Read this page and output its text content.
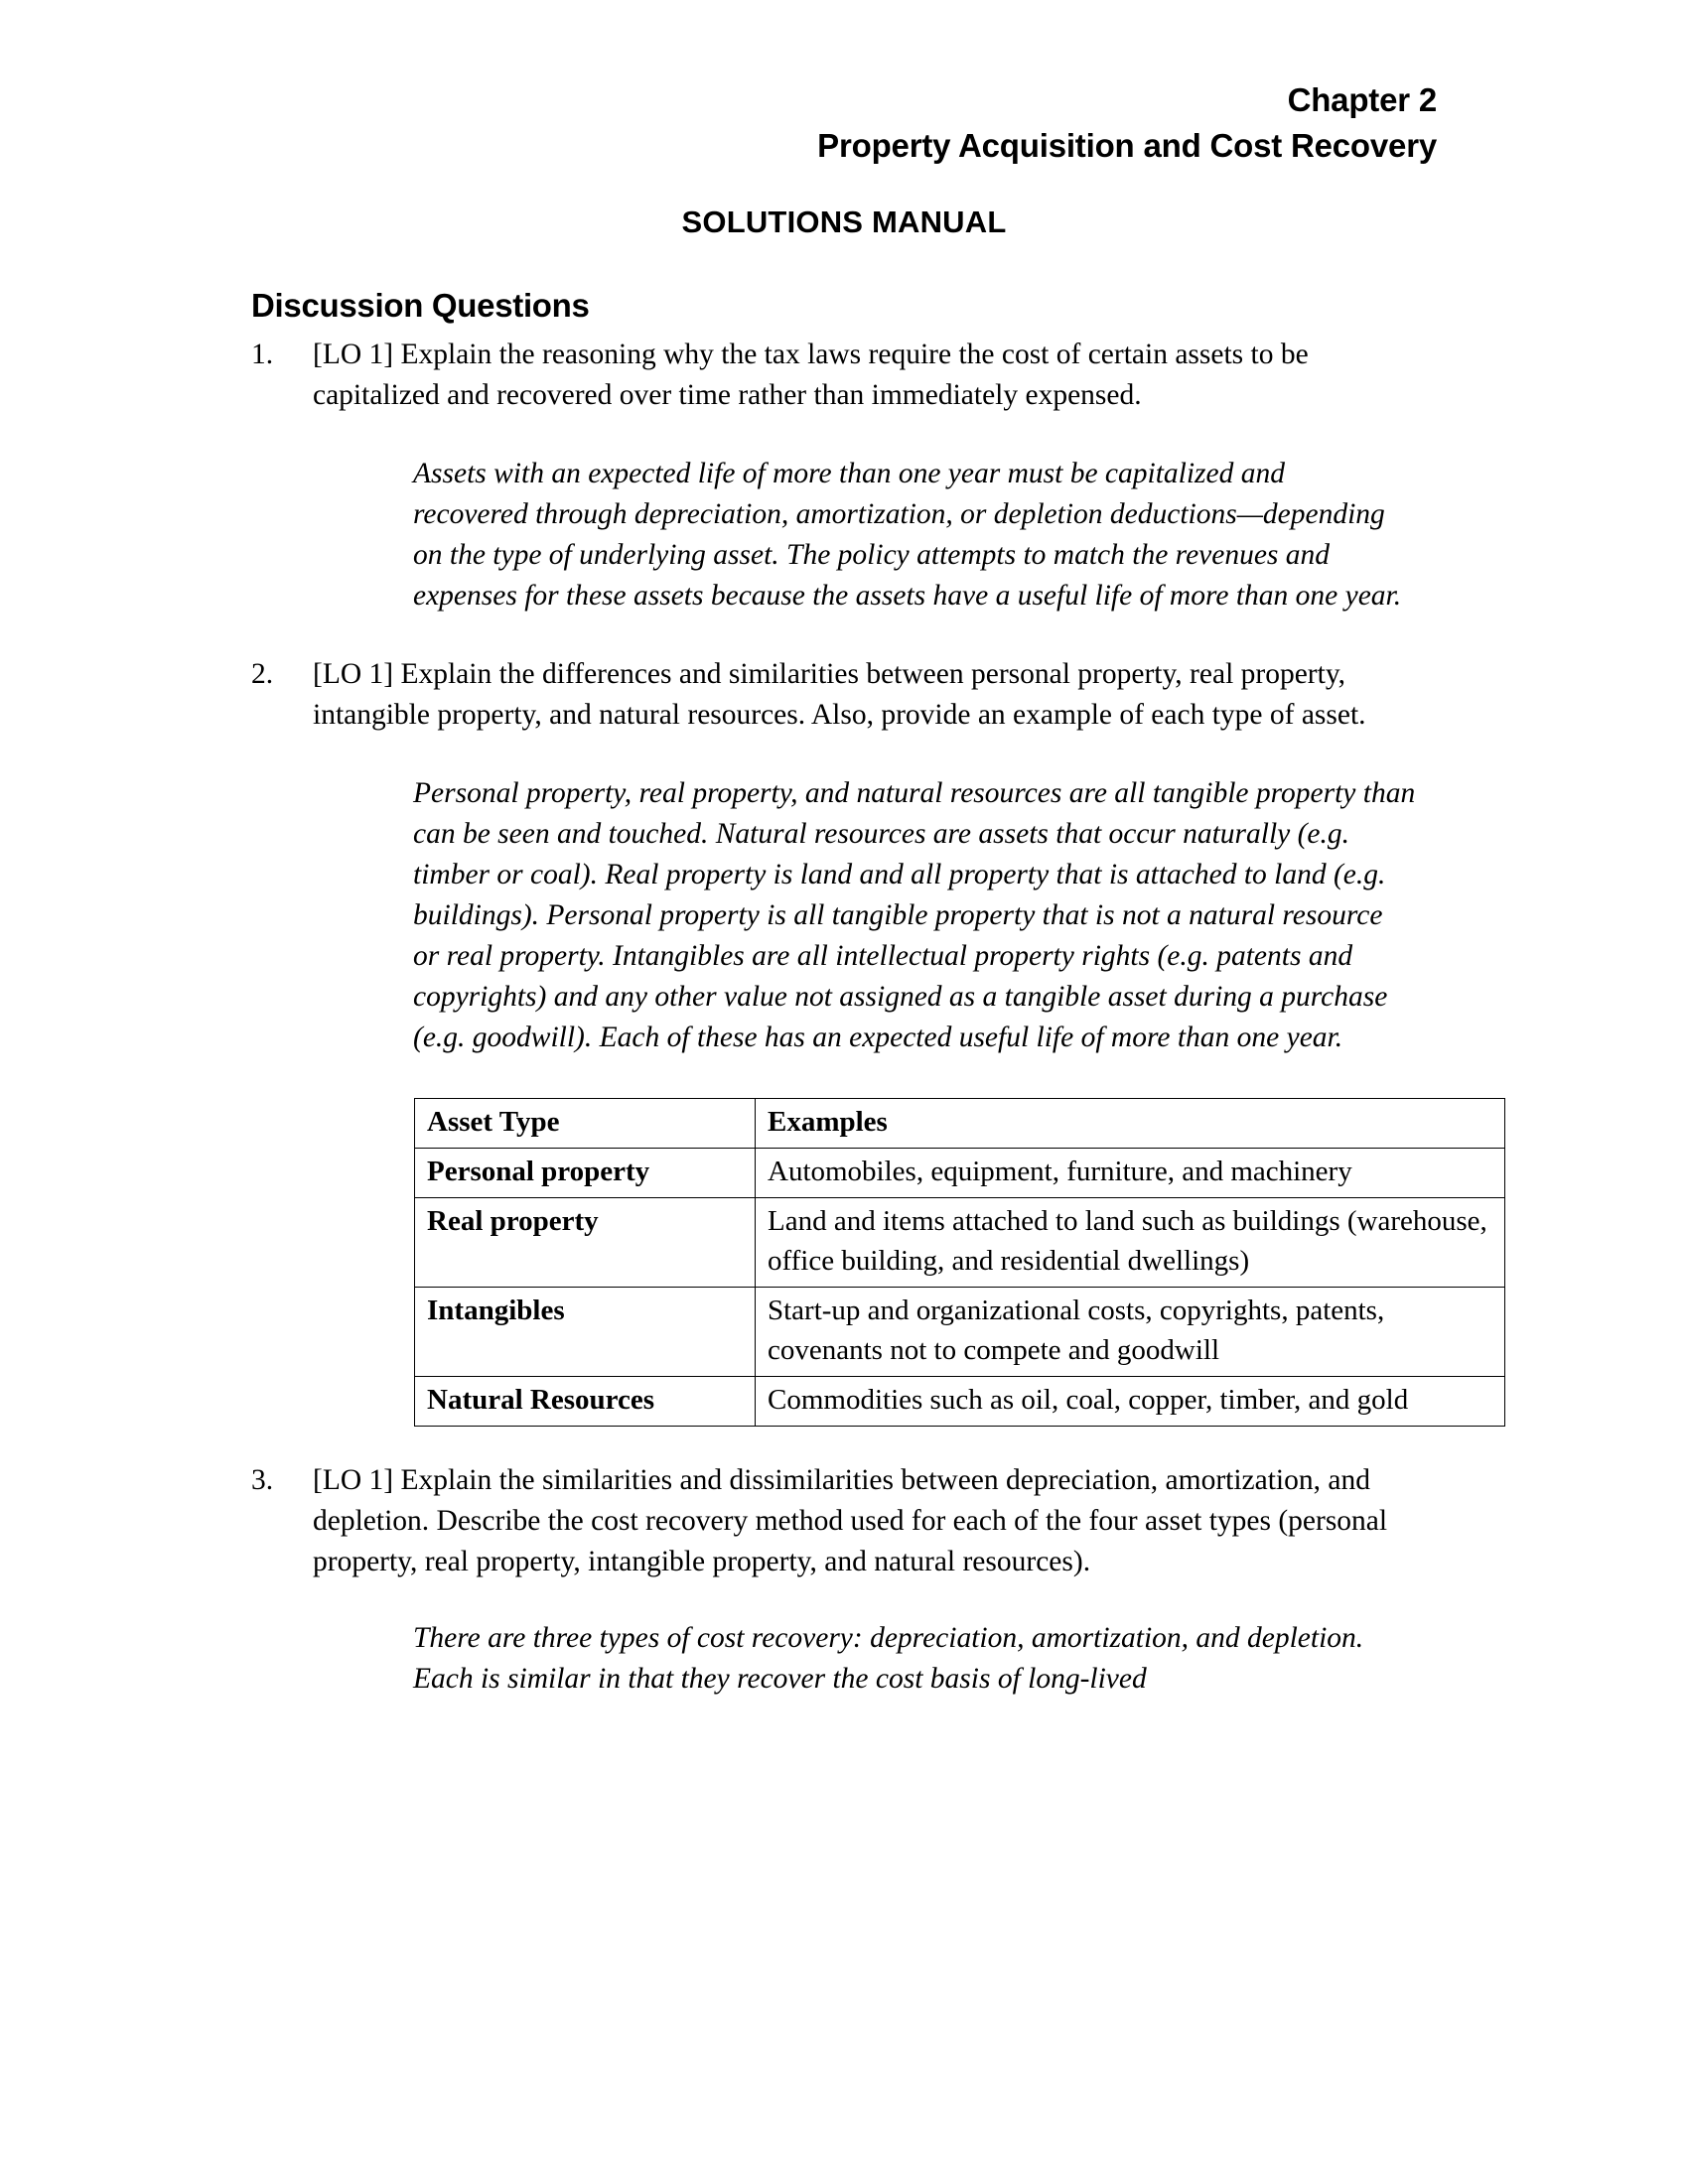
Chapter 2
Property Acquisition and Cost Recovery
SOLUTIONS MANUAL
Discussion Questions
1.	[LO 1] Explain the reasoning why the tax laws require the cost of certain assets to be capitalized and recovered over time rather than immediately expensed.
Assets with an expected life of more than one year must be capitalized and recovered through depreciation, amortization, or depletion deductions—depending on the type of underlying asset. The policy attempts to match the revenues and expenses for these assets because the assets have a useful life of more than one year.
2.	[LO 1] Explain the differences and similarities between personal property, real property, intangible property, and natural resources. Also, provide an example of each type of asset.
Personal property, real property, and natural resources are all tangible property than can be seen and touched. Natural resources are assets that occur naturally (e.g. timber or coal). Real property is land and all property that is attached to land (e.g. buildings). Personal property is all tangible property that is not a natural resource or real property. Intangibles are all intellectual property rights (e.g. patents and copyrights) and any other value not assigned as a tangible asset during a purchase (e.g. goodwill). Each of these has an expected useful life of more than one year.
Asset Type	Examples
Personal property	Automobiles, equipment, furniture, and machinery
Real property	Land and items attached to land such as buildings (warehouse, office building, and residential dwellings)
Intangibles	Start-up and organizational costs, copyrights, patents, covenants not to compete and goodwill
Natural Resources	Commodities such as oil, coal, copper, timber, and gold
3.	[LO 1] Explain the similarities and dissimilarities between depreciation, amortization, and depletion. Describe the cost recovery method used for each of the four asset types (personal property, real property, intangible property, and natural resources).
There are three types of cost recovery: depreciation, amortization, and depletion. Each is similar in that they recover the cost basis of long-lived
